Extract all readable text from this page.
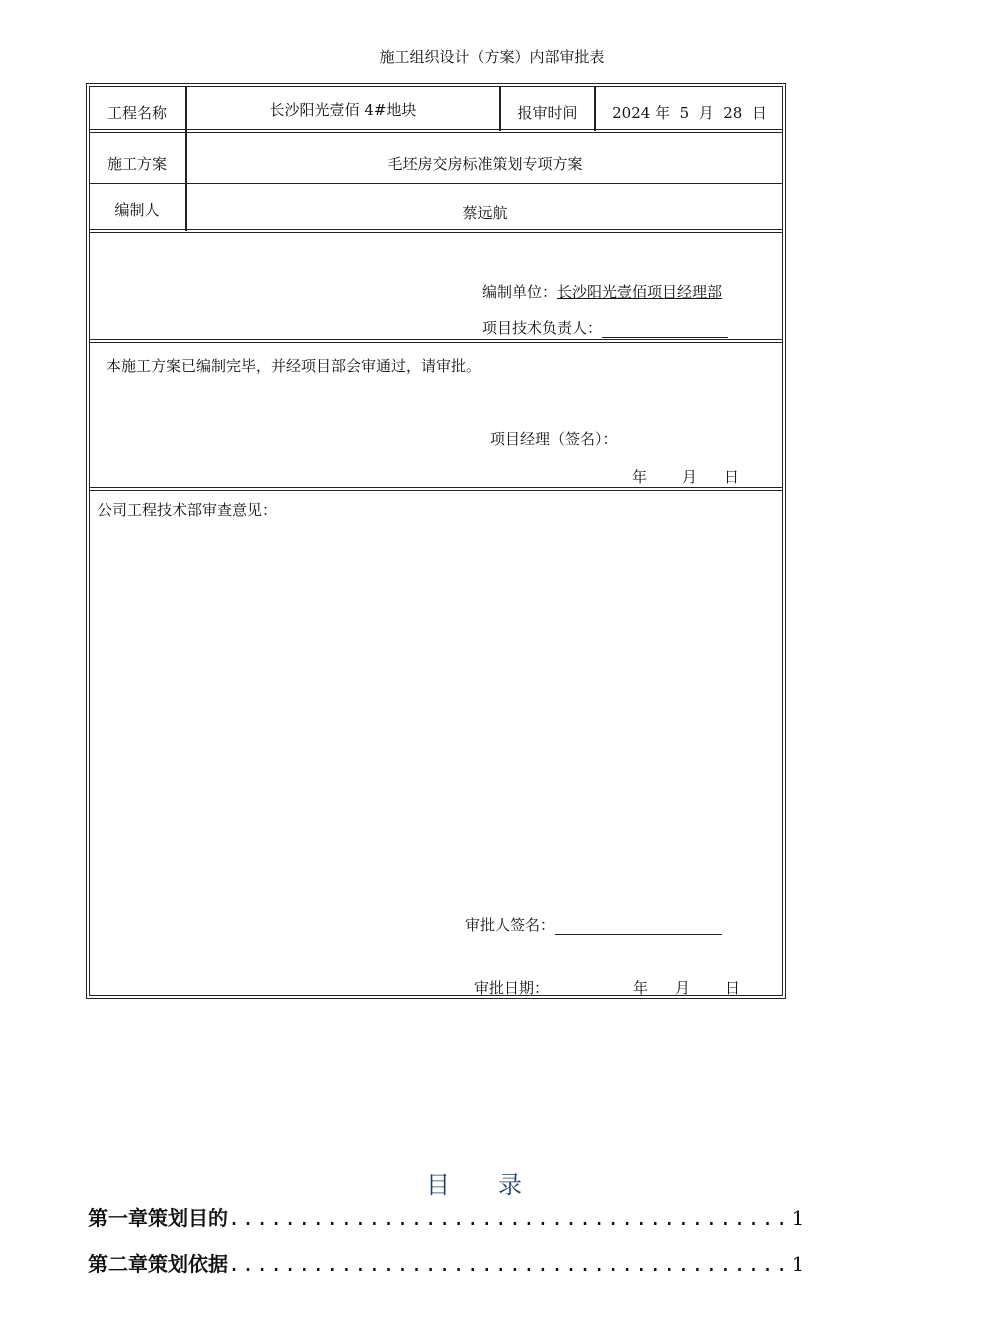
施工组织设计（方案）内部审批表
工程名称	长沙阳光壹佰 4#地块	报审时间	2024 年  5  月  28  日
施工方案	毛坯房交房标准策划专项方案
编制人	蔡远航
编制单位：长沙阳光壹佰项目经理部
项目技术负责人：
本施工方案已编制完毕，并经项目部会审通过，请审批。
项目经理（签名）：
年 月 日
公司工程技术部审查意见：
审批人签名：
审批日期：	年 月 日
目 录
第一章 策划目的 ........................................ 1
第二章 策划依据 ........................................ 1
